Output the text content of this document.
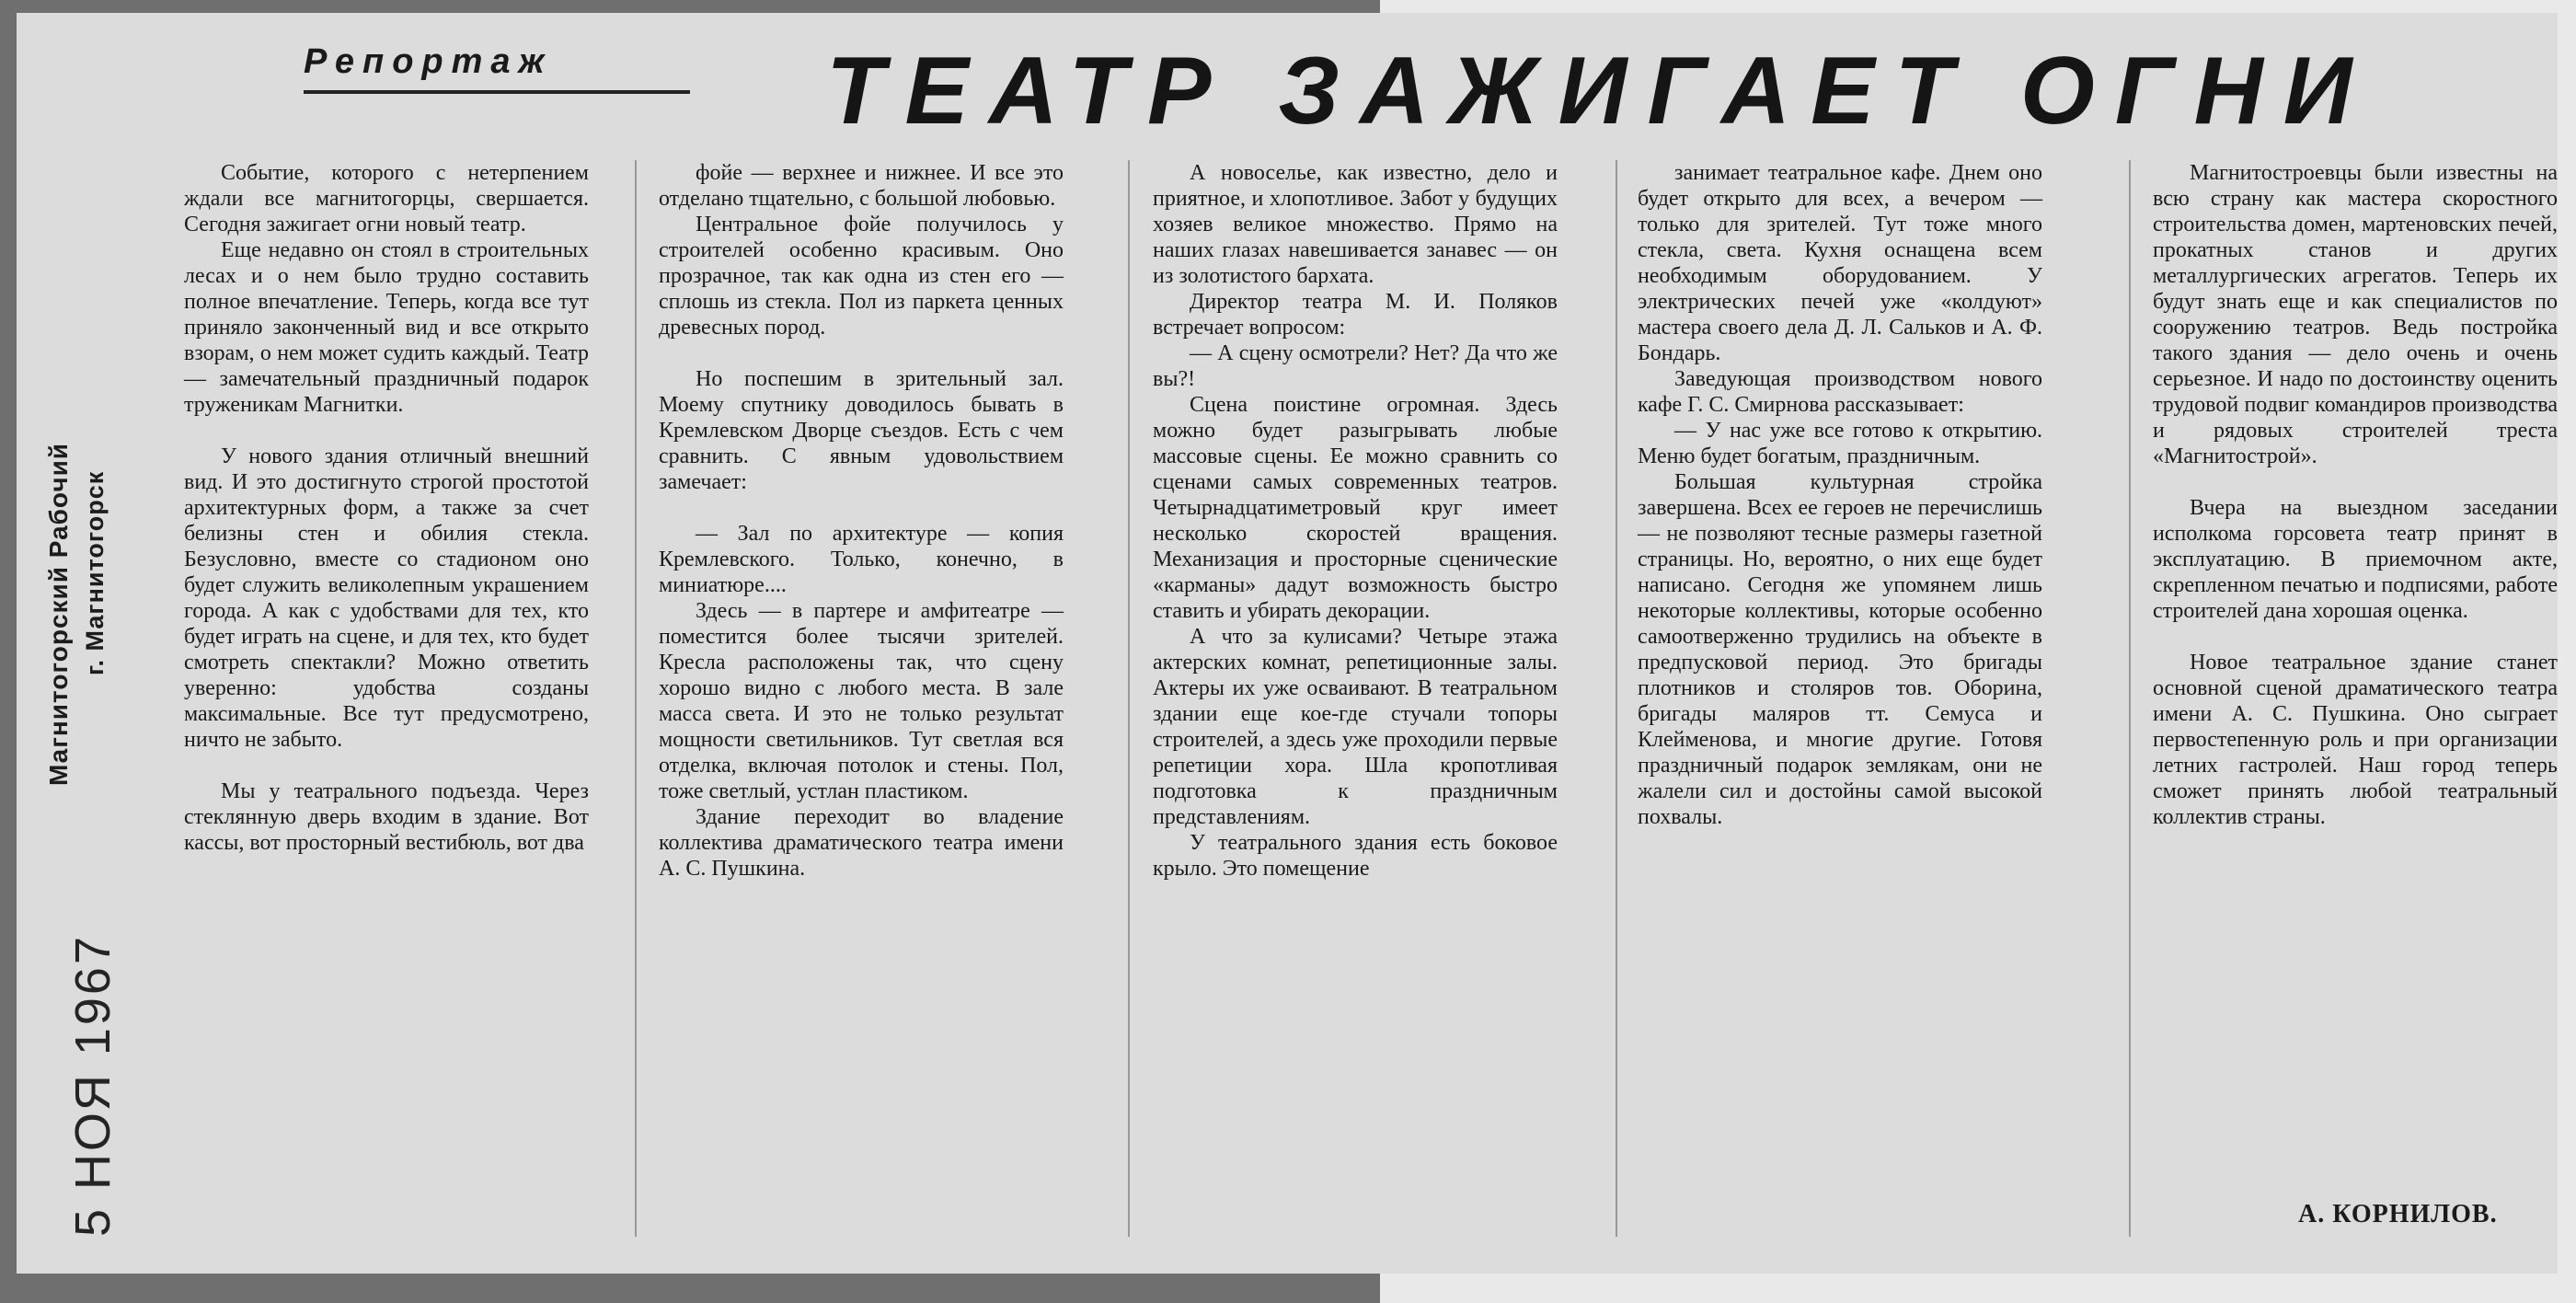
Магнитогорский Рабочий г. Магнитогорск
5 НОЯ 1967
Репортаж	ТЕАТР ЗАЖИГАЕТ ОГНИ

Событие, которого с нетерпением ждали все магнитогорцы, свершается. Сегодня зажигает огни новый театр.

Еще недавно он стоял в строительных лесах и о нем было трудно составить полное впечатление. Теперь, когда все тут приняло законченный вид и все открыто взорам, о нем может судить каждый. Театр — замечательный праздничный подарок труженикам Магнитки.

У нового здания отличный внешний вид. И это достигнуто строгой простотой архитектурных форм, а также за счет белизны стен и обилия стекла. Безусловно, вместе со стадионом оно будет служить великолепным украшением города. А как с удобствами для тех, кто будет играть на сцене, и для тех, кто будет смотреть спектакли? Можно ответить уверенно: удобства созданы максимальные. Все тут предусмотрено, ничто не забыто.

Мы у театрального подъезда. Через стеклянную дверь входим в здание. Вот кассы, вот просторный вестибюль, вот два

фойе — верхнее и нижнее. И все это отделано тщательно, с большой любовью.

Центральное фойе получилось у строителей особенно красивым. Оно прозрачное, так как одна из стен его — сплошь из стекла. Пол из паркета ценных древесных пород.

Но поспешим в зрительный зал. Моему спутнику доводилось бывать в Кремлевском Дворце съездов. Есть с чем сравнить. С явным удовольствием замечает:

— Зал по архитектуре — копия Кремлевского. Только, конечно, в миниатюре....

Здесь — в партере и амфитеатре — поместится более тысячи зрителей. Кресла расположены так, что сцену хорошо видно с любого места. В зале масса света. И это не только результат мощности светильников. Тут светлая вся отделка, включая потолок и стены. Пол, тоже светлый, устлан пластиком.

Здание переходит во владение коллектива драматического театра имени А. С. Пушкина.

А новоселье, как известно, дело и приятное, и хлопотливое. Забот у будущих хозяев великое множество. Прямо на наших глазах навешивается занавес — он из золотистого бархата.

Директор театра М. И. Поляков встречает вопросом:

— А сцену осмотрели? Нет? Да что же вы?!

Сцена поистине огромная. Здесь можно будет разыгрывать любые массовые сцены. Ее можно сравнить со сценами самых современных театров. Четырнадцатиметровый круг имеет несколько скоростей вращения. Механизация и просторные сценические «карманы» дадут возможность быстро ставить и убирать декорации.

А что за кулисами? Четыре этажа актерских комнат, репетиционные залы. Актеры их уже осваивают. В театральном здании еще кое-где стучали топоры строителей, а здесь уже проходили первые репетиции хора. Шла кропотливая подготовка к праздничным представлениям.

У театрального здания есть боковое крыло. Это помещение

занимает театральное кафе. Днем оно будет открыто для всех, а вечером — только для зрителей. Тут тоже много стекла, света. Кухня оснащена всем необходимым оборудованием. У электрических печей уже «колдуют» мастера своего дела Д. Л. Сальков и А. Ф. Бондарь.

Заведующая производством нового кафе Г. С. Смирнова рассказывает:

— У нас уже все готово к открытию. Меню будет богатым, праздничным.

Большая культурная стройка завершена. Всех ее героев не перечислишь — не позволяют тесные размеры газетной страницы. Но, вероятно, о них еще будет написано. Сегодня же упомянем лишь некоторые коллективы, которые особенно самоотверженно трудились на объекте в предпусковой период. Это бригады плотников и столяров тов. Оборина, бригады маляров тт. Семуса и Клейменова, и многие другие. Готовя праздничный подарок землякам, они не жалели сил и достойны самой высокой похвалы.

Магнитостроевцы были известны на всю страну как мастера скоростного строительства домен, мартеновских печей, прокатных станов и других металлургических агрегатов. Теперь их будут знать еще и как специалистов по сооружению театров. Ведь постройка такого здания — дело очень и очень серьезное. И надо по достоинству оценить трудовой подвиг командиров производства и рядовых строителей треста «Магнитострой».

Вчера на выездном заседании исполкома горсовета театр принят в эксплуатацию. В приемочном акте, скрепленном печатью и подписями, работе строителей дана хорошая оценка.

Новое театральное здание станет основной сценой драматического театра имени А. С. Пушкина. Оно сыграет первостепенную роль и при организации летних гастролей. Наш город теперь сможет принять любой театральный коллектив страны.

А. КОРНИЛОВ.
